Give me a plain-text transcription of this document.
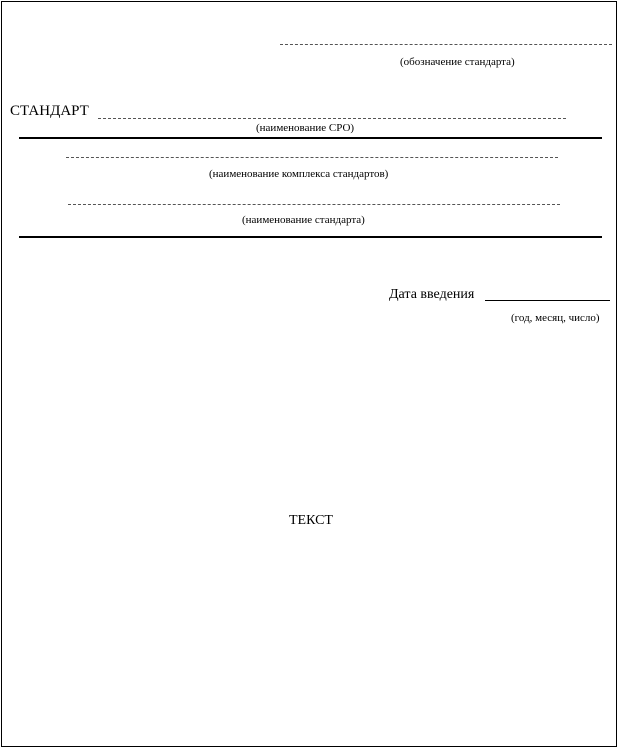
(обозначение стандарта)
СТАНДАРТ
(наименование СРО)
(наименование комплекса стандартов)
(наименование стандарта)
Дата введения
(год, месяц, число)
ТЕКСТ
